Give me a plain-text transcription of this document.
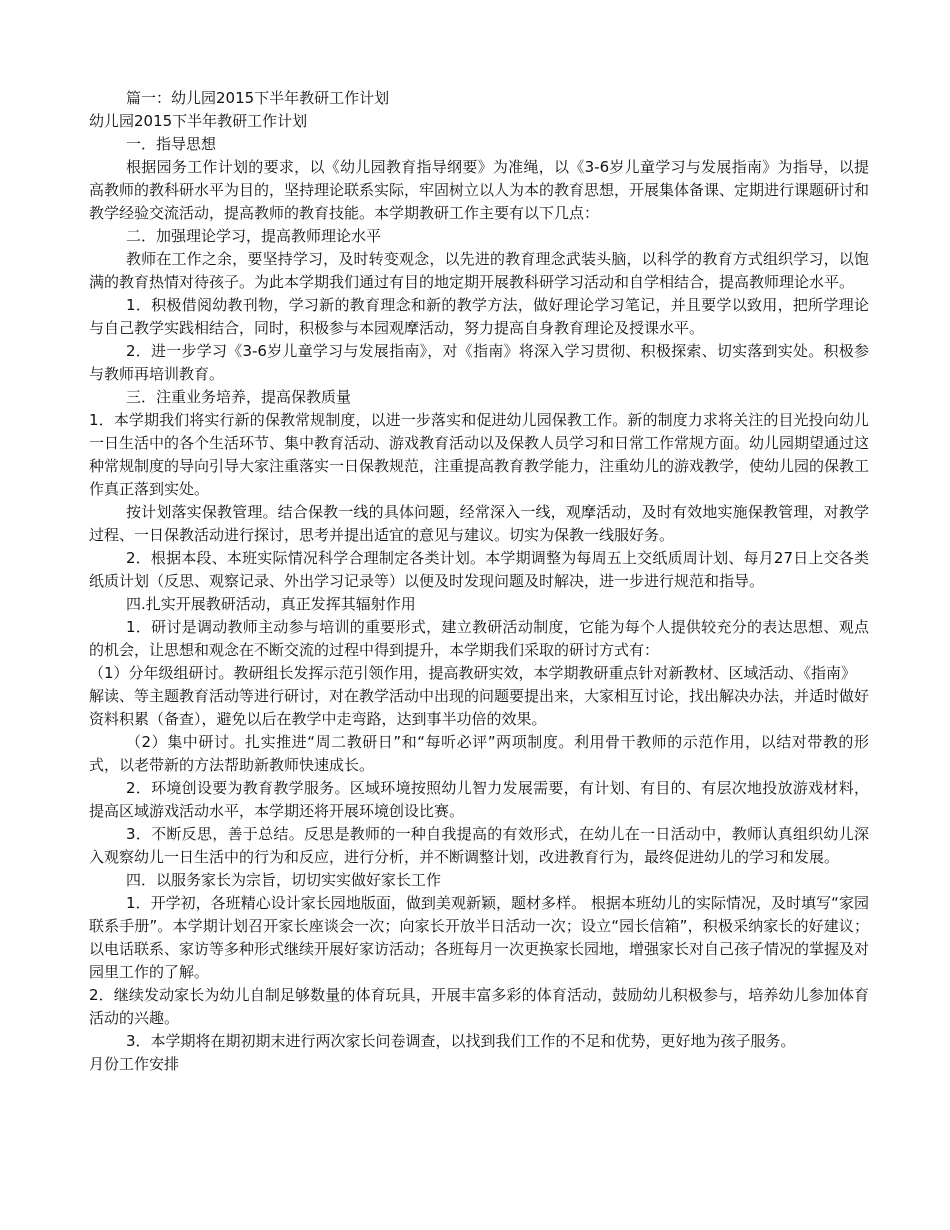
篇一：幼儿园2015下半年教研工作计划

幼儿园2015下半年教研工作计划

一．指导思想

根据园务工作计划的要求，以《幼儿园教育指导纲要》为准绳，以《3-6岁儿童学习与发展指南》为指导，以提高教师的教科研水平为目的，坚持理论联系实际，牢固树立以人为本的教育思想，开展集体备课、定期进行课题研讨和教学经验交流活动，提高教师的教育技能。本学期教研工作主要有以下几点：

二．加强理论学习，提高教师理论水平

教师在工作之余，要坚持学习，及时转变观念，以先进的教育理念武装头脑，以科学的教育方式组织学习，以饱满的教育热情对待孩子。为此本学期我们通过有目的地定期开展教科研学习活动和自学相结合，提高教师理论水平。

1．积极借阅幼教刊物，学习新的教育理念和新的教学方法，做好理论学习笔记，并且要学以致用，把所学理论与自己教学实践相结合，同时，积极参与本园观摩活动，努力提高自身教育理论及授课水平。

2．进一步学习《3-6岁儿童学习与发展指南》，对《指南》将深入学习贯彻、积极探索、切实落到实处。积极参与教师再培训教育。

三．注重业务培养，提高保教质量

1．本学期我们将实行新的保教常规制度，以进一步落实和促进幼儿园保教工作。新的制度力求将关注的目光投向幼儿一日生活中的各个生活环节、集中教育活动、游戏教育活动以及保教人员学习和日常工作常规方面。幼儿园期望通过这种常规制度的导向引导大家注重落实一日保教规范，注重提高教育教学能力，注重幼儿的游戏教学，使幼儿园的保教工作真正落到实处。

按计划落实保教管理。结合保教一线的具体问题，经常深入一线，观摩活动，及时有效地实施保教管理，对教学过程、一日保教活动进行探讨，思考并提出适宜的意见与建议。切实为保教一线服好务。

2．根据本段、本班实际情况科学合理制定各类计划。本学期调整为每周五上交纸质周计划、每月27日上交各类纸质计划（反思、观察记录、外出学习记录等）以便及时发现问题及时解决，进一步进行规范和指导。

四.扎实开展教研活动，真正发挥其辐射作用

1．研讨是调动教师主动参与培训的重要形式，建立教研活动制度，它能为每个人提供较充分的表达思想、观点的机会，让思想和观念在不断交流的过程中得到提升，本学期我们采取的研讨方式有：

（1）分年级组研讨。教研组长发挥示范引领作用，提高教研实效，本学期教研重点针对新教材、区域活动、《指南》

解读、等主题教育活动等进行研讨，对在教学活动中出现的问题要提出来，大家相互讨论，找出解决办法，并适时做好资料积累（备查），避免以后在教学中走弯路，达到事半功倍的效果。

（2）集中研讨。扎实推进“周二教研日”和“每听必评”两项制度。利用骨干教师的示范作用，以结对带教的形式，以老带新的方法帮助新教师快速成长。

2．环境创设要为教育教学服务。区域环境按照幼儿智力发展需要，有计划、有目的、有层次地投放游戏材料，提高区域游戏活动水平，本学期还将开展环境创设比赛。

3．不断反思，善于总结。反思是教师的一种自我提高的有效形式，在幼儿在一日活动中，教师认真组织幼儿深入观察幼儿一日生活中的行为和反应，进行分析，并不断调整计划，改进教育行为，最终促进幼儿的学习和发展。

四．以服务家长为宗旨，切切实实做好家长工作

1．开学初，各班精心设计家长园地版面，做到美观新颖，题材多样。 根据本班幼儿的实际情况，及时填写“家园联系手册”。本学期计划召开家长座谈会一次；向家长开放半日活动一次；设立“园长信箱”，积极采纳家长的好建议；以电话联系、家访等多种形式继续开展好家访活动；各班每月一次更换家长园地，增强家长对自己孩子情况的掌握及对园里工作的了解。

2．继续发动家长为幼儿自制足够数量的体育玩具，开展丰富多彩的体育活动，鼓励幼儿积极参与，培养幼儿参加体育活动的兴趣。

3．本学期将在期初期末进行两次家长问卷调查，以找到我们工作的不足和优势，更好地为孩子服务。

月份工作安排
